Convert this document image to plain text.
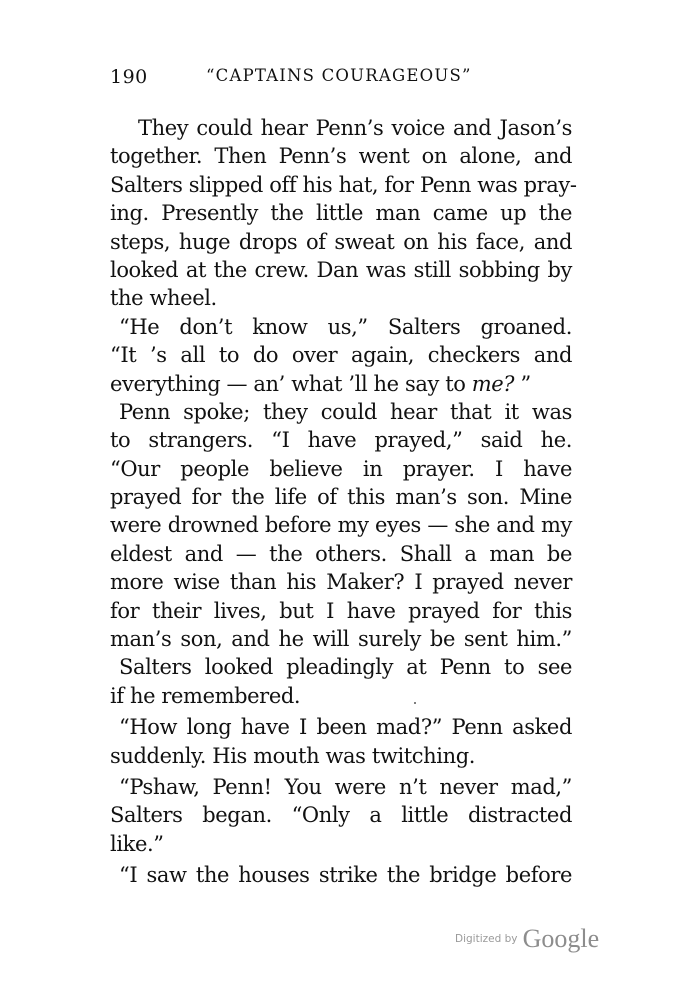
190	“CAPTAINS COURAGEOUS”
They could hear Penn’s voice and Jason’s
together. Then Penn’s went on alone, and
Salters slipped off his hat, for Penn was pray-
ing. Presently the little man came up the
steps, huge drops of sweat on his face, and
looked at the crew. Dan was still sobbing by
the wheel.
“He don’t know us,” Salters groaned.
“It ’s all to do over again, checkers and
everything — an’ what ’ll he say to me? ”
Penn spoke; they could hear that it was
to strangers. “I have prayed,” said he.
“Our people believe in prayer. I have
prayed for the life of this man’s son. Mine
were drowned before my eyes — she and my
eldest and — the others. Shall a man be
more wise than his Maker? I prayed never
for their lives, but I have prayed for this
man’s son, and he will surely be sent him.”
Salters looked pleadingly at Penn to see
if he remembered.
“How long have I been mad?” Penn asked
suddenly. His mouth was twitching.
“Pshaw, Penn! You were n’t never mad,”
Salters began. “Only a little distracted
like.”
“I saw the houses strike the bridge before
Digitized by Google
